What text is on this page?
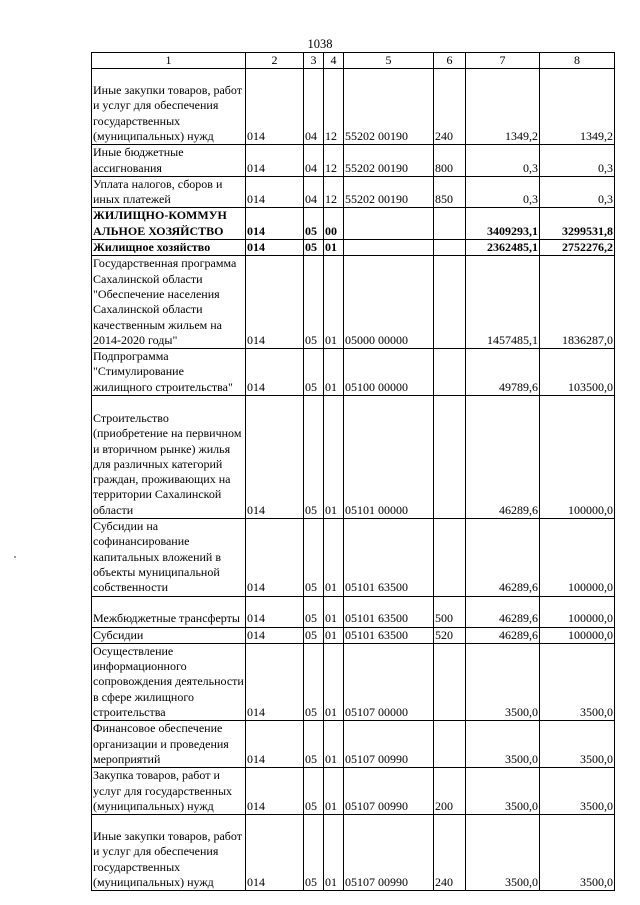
1038
1	2	3	4	5	6	7	8
Иные закупки товаров, работ и услуг для обеспечения государственных (муниципальных) нужд	014	04	12	55202 00190	240	1349,2	1349,2
Иные бюджетные ассигнования	014	04	12	55202 00190	800	0,3	0,3
Уплата налогов, сборов и иных платежей	014	04	12	55202 00190	850	0,3	0,3
ЖИЛИЩНО-КОММУН АЛЬНОЕ ХОЗЯЙСТВО	014	05	00			3409293,1	3299531,8
Жилищное хозяйство	014	05	01			2362485,1	2752276,2
Государственная программа Сахалинской области "Обеспечение населения Сахалинской области качественным жильем на 2014-2020 годы"	014	05	01	05000 00000		1457485,1	1836287,0
Подпрограмма "Стимулирование жилищного строительства"	014	05	01	05100 00000		49789,6	103500,0
Строительство (приобретение на первичном и вторичном рынке) жилья для различных категорий граждан, проживающих на территории Сахалинской области	014	05	01	05101 00000		46289,6	100000,0
Субсидии на софинансирование капитальных вложений в объекты муниципальной собственности	014	05	01	05101 63500		46289,6	100000,0
Межбюджетные трансферты	014	05	01	05101 63500	500	46289,6	100000,0
Субсидии	014	05	01	05101 63500	520	46289,6	100000,0
Осуществление информационного сопровождения деятельности в сфере жилищного строительства	014	05	01	05107 00000		3500,0	3500,0
Финансовое обеспечение организации и проведения мероприятий	014	05	01	05107 00990		3500,0	3500,0
Закупка товаров, работ и услуг для государственных (муниципальных) нужд	014	05	01	05107 00990	200	3500,0	3500,0
Иные закупки товаров, работ и услуг для обеспечения государственных (муниципальных) нужд	014	05	01	05107 00990	240	3500,0	3500,0
